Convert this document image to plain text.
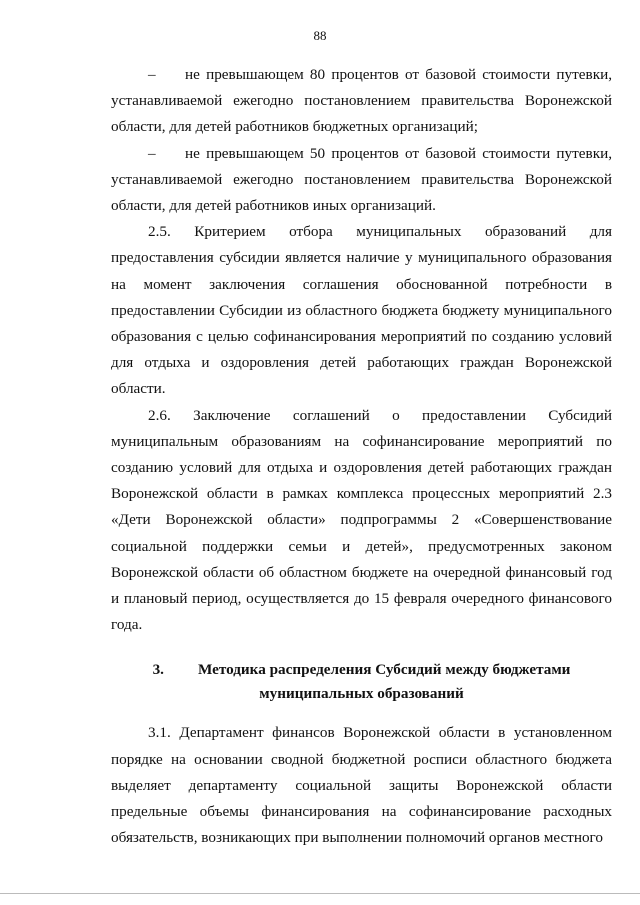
88

– не превышающем 80 процентов от базовой стоимости путевки, устанавливаемой ежегодно постановлением правительства Воронежской области, для детей работников бюджетных организаций;

– не превышающем 50 процентов от базовой стоимости путевки, устанавливаемой ежегодно постановлением правительства Воронежской области, для детей работников иных организаций.

2.5. Критерием отбора муниципальных образований для предоставления субсидии является наличие у муниципального образования на момент заключения соглашения обоснованной потребности в предоставлении Субсидии из областного бюджета бюджету муниципального образования с целью софинансирования мероприятий по созданию условий для отдыха и оздоровления детей работающих граждан Воронежской области.

2.6. Заключение соглашений о предоставлении Субсидий муниципальным образованиям на софинансирование мероприятий по созданию условий для отдыха и оздоровления детей работающих граждан Воронежской области в рамках комплекса процессных мероприятий 2.3 «Дети Воронежской области» подпрограммы 2 «Совершенствование социальной поддержки семьи и детей», предусмотренных законом Воронежской области об областном бюджете на очередной финансовый год и плановый период, осуществляется до 15 февраля очередного финансового года.

3. Методика распределения Субсидий между бюджетами
муниципальных образований

3.1. Департамент финансов Воронежской области в установленном порядке на основании сводной бюджетной росписи областного бюджета выделяет департаменту социальной защиты Воронежской области предельные объемы финансирования на софинансирование расходных обязательств, возникающих при выполнении полномочий органов местного
